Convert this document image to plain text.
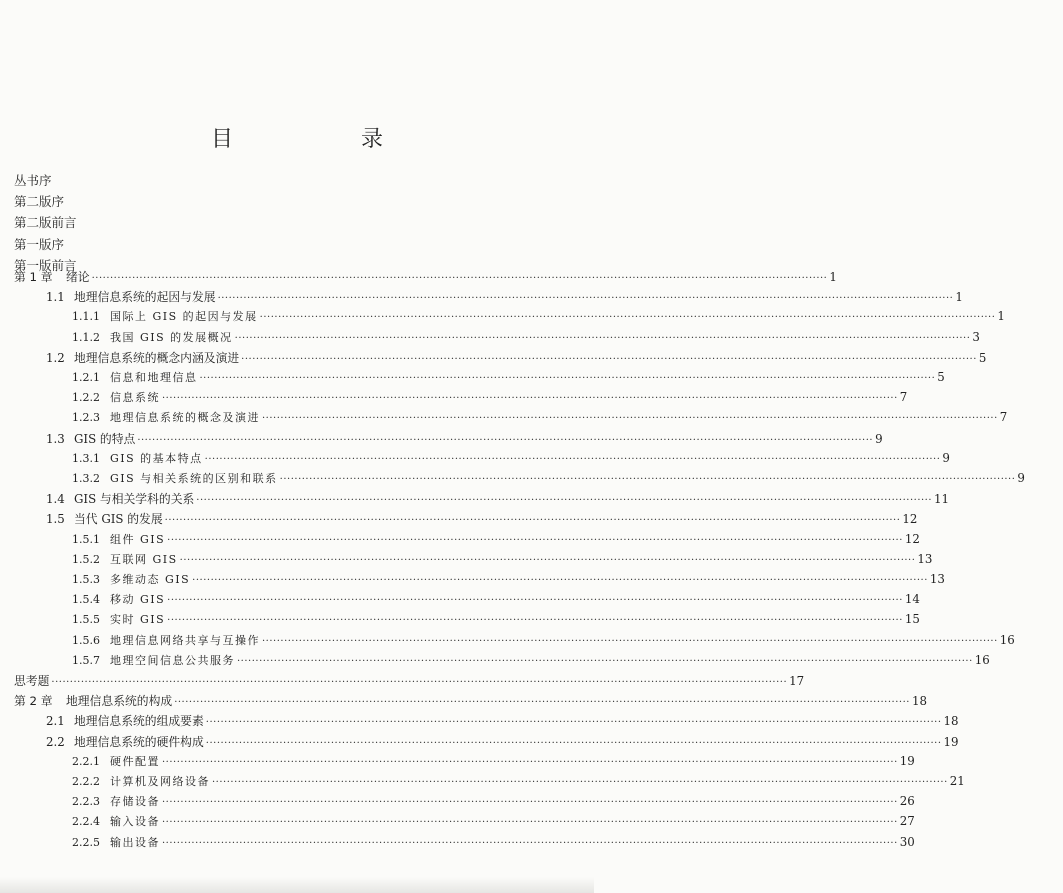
目　　录
丛书序
第二版序
第二版前言
第一版序
第一版前言
第 1 章 绪论 ········································································································································································································ 1
1.1 地理信息系统的起因与发展 ········································································································································································································ 1
1.1.1 国际上 GIS 的起因与发展 ········································································································································································································ 1
1.1.2 我国 GIS 的发展概况 ········································································································································································································ 3
1.2 地理信息系统的概念内涵及演进 ········································································································································································································ 5
1.2.1 信息和地理信息 ········································································································································································································ 5
1.2.2 信息系统 ········································································································································································································ 7
1.2.3 地理信息系统的概念及演进 ········································································································································································································ 7
1.3 GIS 的特点 ········································································································································································································ 9
1.3.1 GIS 的基本特点 ········································································································································································································ 9
1.3.2 GIS 与相关系统的区别和联系 ········································································································································································································ 9
1.4 GIS 与相关学科的关系 ········································································································································································································ 11
1.5 当代 GIS 的发展 ········································································································································································································ 12
1.5.1 组件 GIS ········································································································································································································ 12
1.5.2 互联网 GIS ········································································································································································································ 13
1.5.3 多维动态 GIS ········································································································································································································ 13
1.5.4 移动 GIS ········································································································································································································ 14
1.5.5 实时 GIS ········································································································································································································ 15
1.5.6 地理信息网络共享与互操作 ········································································································································································································ 16
1.5.7 地理空间信息公共服务 ········································································································································································································ 16
思考题 ········································································································································································································ 17
第 2 章 地理信息系统的构成 ········································································································································································································ 18
2.1 地理信息系统的组成要素 ········································································································································································································ 18
2.2 地理信息系统的硬件构成 ········································································································································································································ 19
2.2.1 硬件配置 ········································································································································································································ 19
2.2.2 计算机及网络设备 ········································································································································································································ 21
2.2.3 存储设备 ········································································································································································································ 26
2.2.4 输入设备 ········································································································································································································ 27
2.2.5 输出设备 ········································································································································································································ 30
